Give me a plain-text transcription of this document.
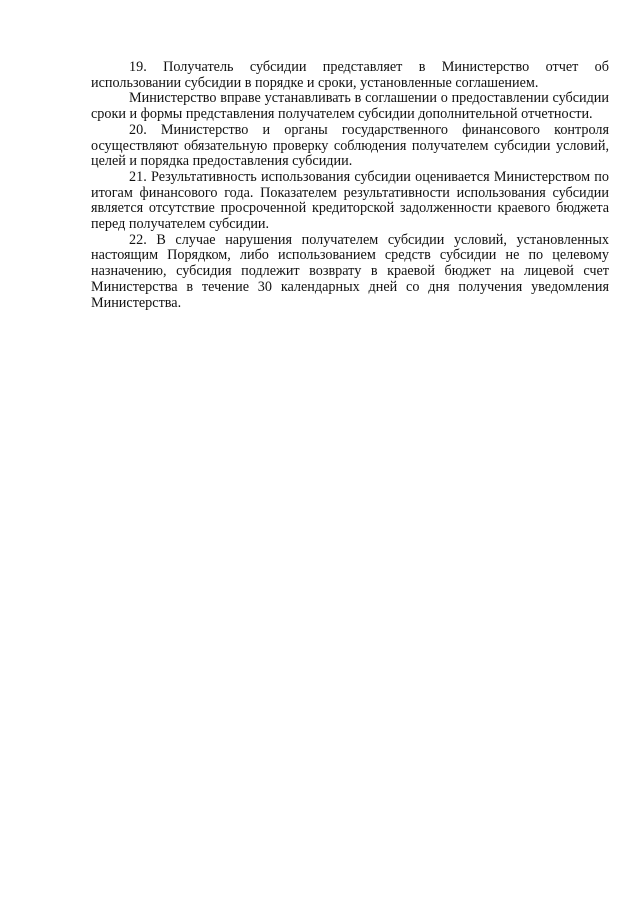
19. Получатель субсидии представляет в Министерство отчет об использовании субсидии в порядке и сроки, установленные соглашением.

Министерство вправе устанавливать в соглашении о предоставлении субсидии сроки и формы представления получателем субсидии дополнительной отчетности.

20. Министерство и органы государственного финансового контроля осуществляют обязательную проверку соблюдения получателем субсидии условий, целей и порядка предоставления субсидии.

21. Результативность использования субсидии оценивается Министерством по итогам финансового года. Показателем результативности использования субсидии является отсутствие просроченной кредиторской задолженности краевого бюджета перед получателем субсидии.

22. В случае нарушения получателем субсидии условий, установленных настоящим Порядком, либо использованием средств субсидии не по целевому назначению, субсидия подлежит возврату в краевой бюджет на лицевой счет Министерства в течение 30 календарных дней со дня получения уведомления Министерства.
